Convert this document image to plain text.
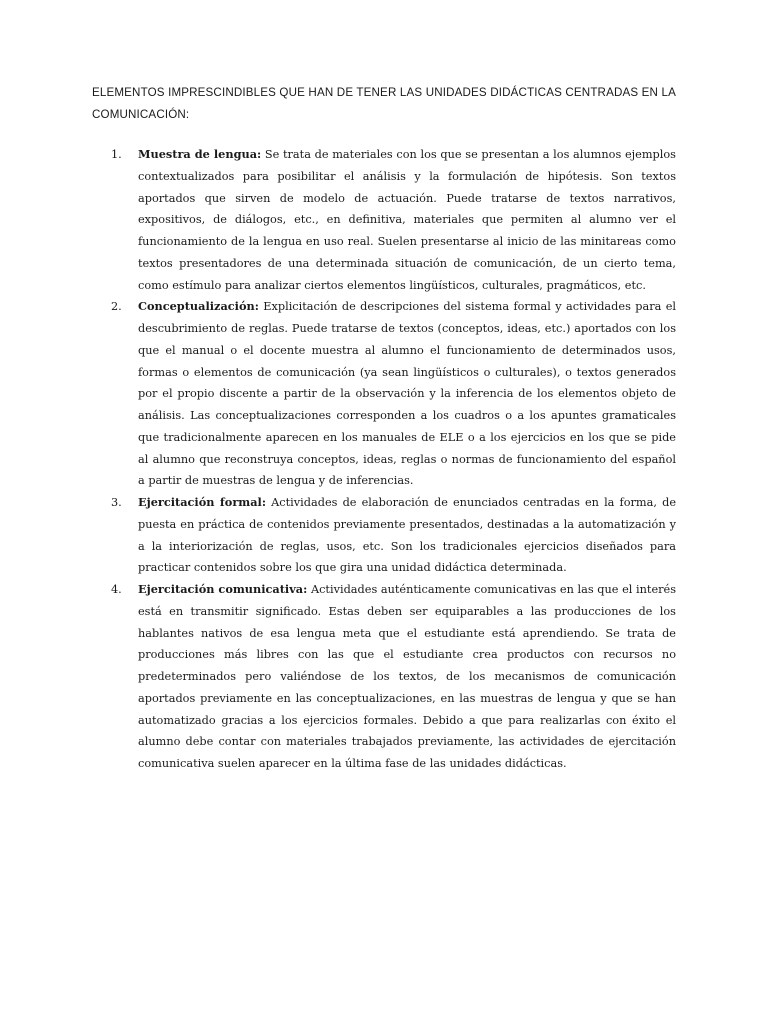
ELEMENTOS IMPRESCINDIBLES QUE HAN DE TENER LAS UNIDADES DIDÁCTICAS CENTRADAS EN LA COMUNICACIÓN:

1. Muestra de lengua: Se trata de materiales con los que se presentan a los alumnos ejemplos contextualizados para posibilitar el análisis y la formulación de hipótesis. Son textos aportados que sirven de modelo de actuación. Puede tratarse de textos narrativos, expositivos, de diálogos, etc., en definitiva, materiales que permiten al alumno ver el funcionamiento de la lengua en uso real. Suelen presentarse al inicio de las minitareas como textos presentadores de una determinada situación de comunicación, de un cierto tema, como estímulo para analizar ciertos elementos lingüísticos, culturales, pragmáticos, etc.
2. Conceptualización: Explicitación de descripciones del sistema formal y actividades para el descubrimiento de reglas. Puede tratarse de textos (conceptos, ideas, etc.) aportados con los que el manual o el docente muestra al alumno el funcionamiento de determinados usos, formas o elementos de comunicación (ya sean lingüísticos o culturales), o textos generados por el propio discente a partir de la observación y la inferencia de los elementos objeto de análisis. Las conceptualizaciones corresponden a los cuadros o a los apuntes gramaticales que tradicionalmente aparecen en los manuales de ELE o a los ejercicios en los que se pide al alumno que reconstruya conceptos, ideas, reglas o normas de funcionamiento del español a partir de muestras de lengua y de inferencias.
3. Ejercitación formal: Actividades de elaboración de enunciados centradas en la forma, de puesta en práctica de contenidos previamente presentados, destinadas a la automatización y a la interiorización de reglas, usos, etc. Son los tradicionales ejercicios diseñados para practicar contenidos sobre los que gira una unidad didáctica determinada.
4. Ejercitación comunicativa: Actividades auténticamente comunicativas en las que el interés está en transmitir significado. Estas deben ser equiparables a las producciones de los hablantes nativos de esa lengua meta que el estudiante está aprendiendo. Se trata de producciones más libres con las que el estudiante crea productos con recursos no predeterminados pero valiéndose de los textos, de los mecanismos de comunicación aportados previamente en las conceptualizaciones, en las muestras de lengua y que se han automatizado gracias a los ejercicios formales. Debido a que para realizarlas con éxito el alumno debe contar con materiales trabajados previamente, las actividades de ejercitación comunicativa suelen aparecer en la última fase de las unidades didácticas.
